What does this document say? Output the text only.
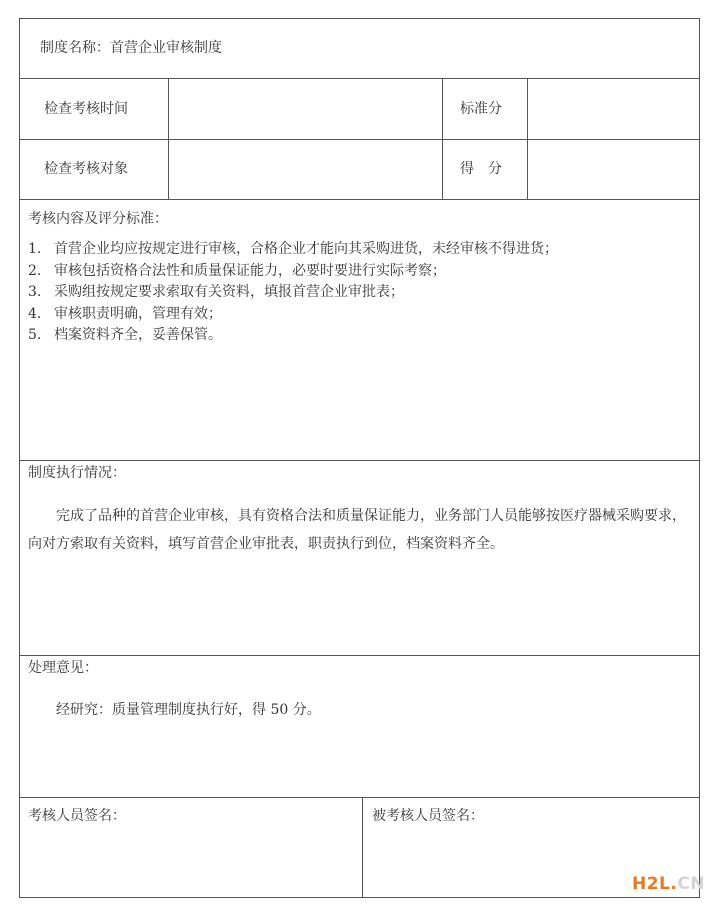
制度名称：首营企业审核制度
检查考核时间	标准分
检查考核对象	得　分
考核内容及评分标准：
1. 首营企业均应按规定进行审核，合格企业才能向其采购进货，未经审核不得进货；
2. 审核包括资格合法性和质量保证能力，必要时要进行实际考察；
3. 采购组按规定要求索取有关资料，填报首营企业审批表；
4. 审核职责明确，管理有效；
5. 档案资料齐全，妥善保管。
制度执行情况：
完成了品种的首营企业审核，具有资格合法和质量保证能力，业务部门人员能够按医疗器械采购要求，向对方索取有关资料，填写首营企业审批表，职责执行到位，档案资料齐全。
处理意见：
经研究：质量管理制度执行好，得 50 分。
考核人员签名：	被考核人员签名：
H2L.CN
